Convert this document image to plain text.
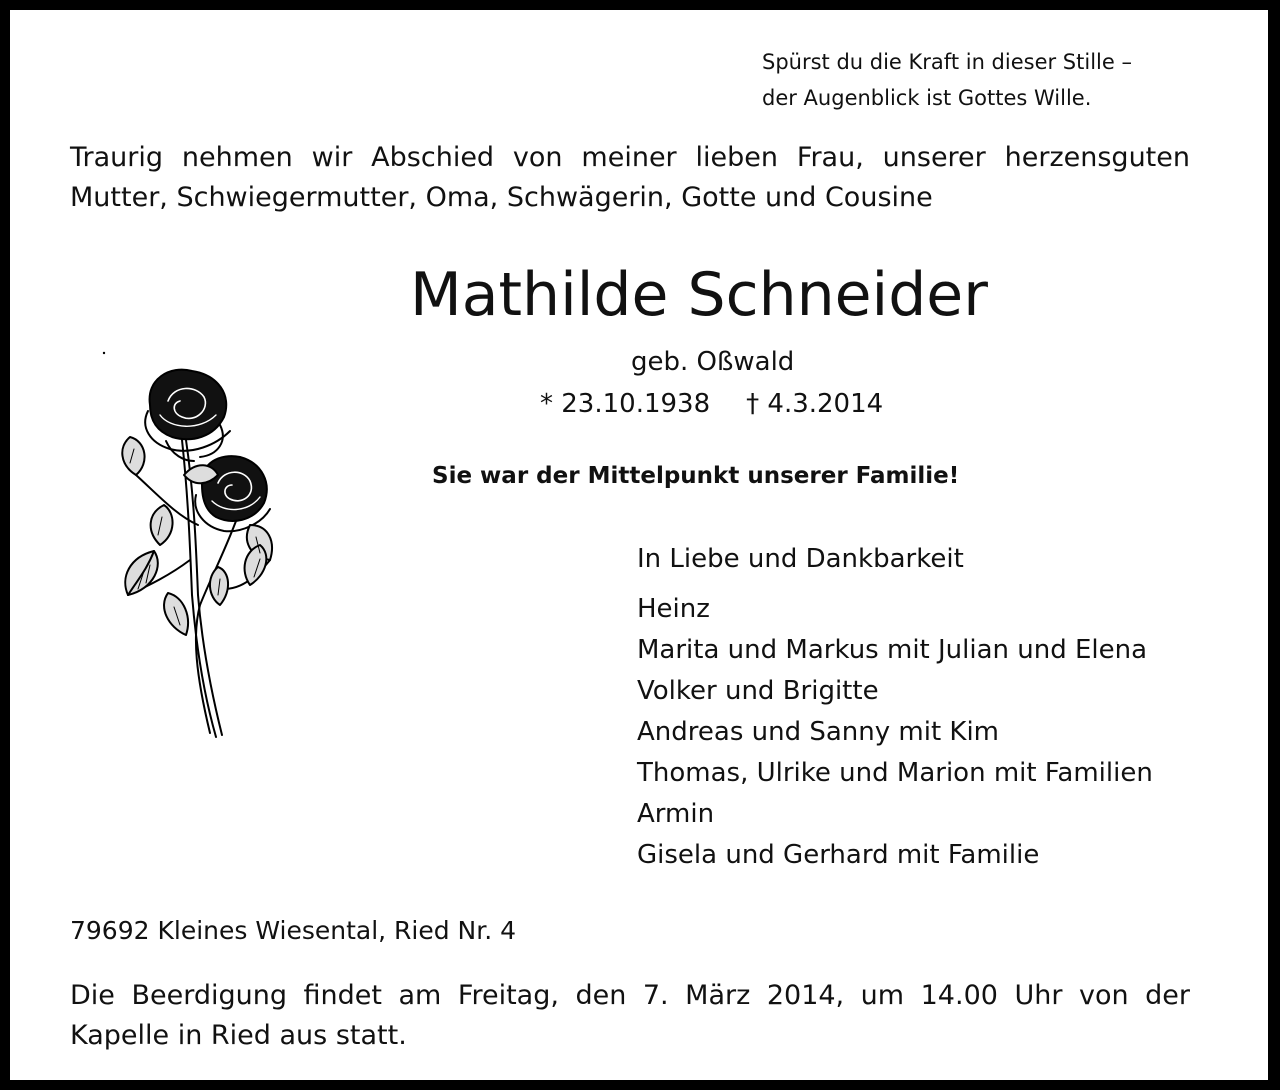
Spürst du die Kraft in dieser Stille –
der Augenblick ist Gottes Wille.
Traurig nehmen wir Abschied von meiner lieben Frau, unserer herzensguten
Mutter, Schwiegermutter, Oma, Schwägerin, Gotte und Cousine
Mathilde Schneider
geb. Oßwald
* 23.10.1938 † 4.3.2014
Sie war der Mittelpunkt unserer Familie!
In Liebe und Dankbarkeit
Heinz
Marita und Markus mit Julian und Elena
Volker und Brigitte
Andreas und Sanny mit Kim
Thomas, Ulrike und Marion mit Familien
Armin
Gisela und Gerhard mit Familie
79692 Kleines Wiesental, Ried Nr. 4
Die Beerdigung findet am Freitag, den 7. März 2014, um 14.00 Uhr von der
Kapelle in Ried aus statt.
